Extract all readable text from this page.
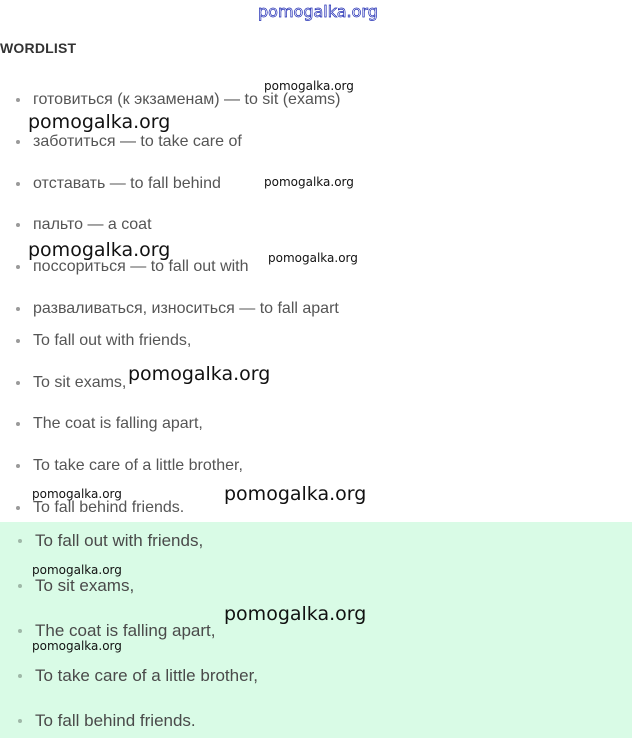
pomogalka.org
WORDLIST
готовиться (к экзаменам) — to sit (exams)
заботиться — to take care of
отставать — to fall behind
пальто — a coat
поссориться — to fall out with
разваливаться, износиться — to fall apart
To fall out with friends,
To sit exams,
The coat is falling apart,
To take care of a little brother,
To fall behind friends.
To fall out with friends,
To sit exams,
The coat is falling apart,
To take care of a little brother,
To fall behind friends.
pomogalka.org
pomogalka.org
pomogalka.org
pomogalka.org	pomogalka.org
pomogalka.org
pomogalka.org	pomogalka.org
pomogalka.org
pomogalka.org
pomogalka.org
